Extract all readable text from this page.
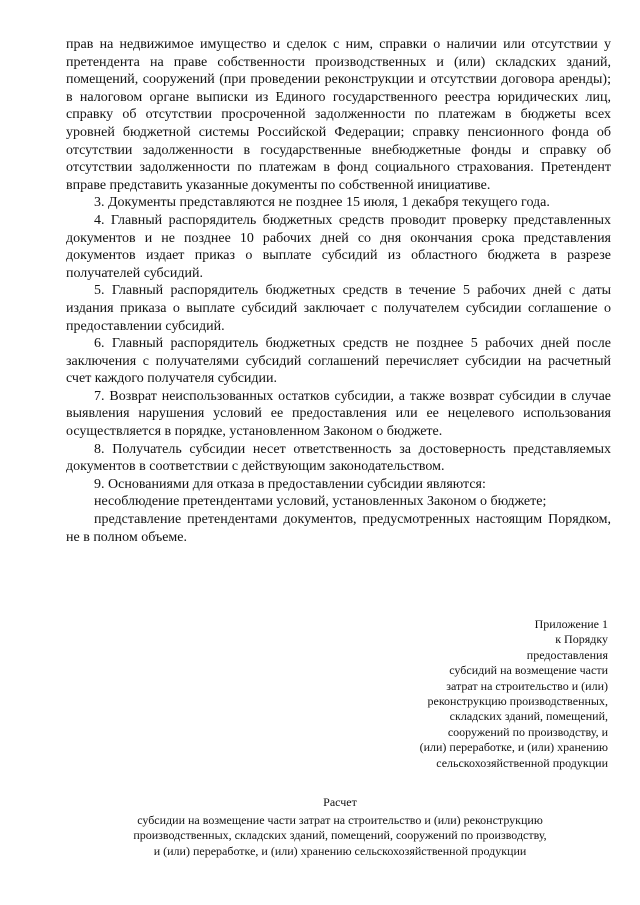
прав на недвижимое имущество и сделок с ним, справки о наличии или отсутствии у претендента на праве собственности производственных и (или) складских зданий, помещений, сооружений (при проведении реконструкции и отсутствии договора аренды); в налоговом органе выписки из Единого государственного реестра юридических лиц, справку об отсутствии просроченной задолженности по платежам в бюджеты всех уровней бюджетной системы Российской Федерации; справку пенсионного фонда об отсутствии задолженности в государственные внебюджетные фонды и справку об отсутствии задолженности по платежам в фонд социального страхования. Претендент вправе представить указанные документы по собственной инициативе.

3. Документы представляются не позднее 15 июля, 1 декабря текущего года.

4. Главный распорядитель бюджетных средств проводит проверку представленных документов и не позднее 10 рабочих дней со дня окончания срока представления документов издает приказ о выплате субсидий из областного бюджета в разрезе получателей субсидий.

5. Главный распорядитель бюджетных средств в течение 5 рабочих дней с даты издания приказа о выплате субсидий заключает с получателем субсидии соглашение о предоставлении субсидий.

6. Главный распорядитель бюджетных средств не позднее 5 рабочих дней после заключения с получателями субсидий соглашений перечисляет субсидии на расчетный счет каждого получателя субсидии.

7. Возврат неиспользованных остатков субсидии, а также возврат субсидии в случае выявления нарушения условий ее предоставления или ее нецелевого использования осуществляется в порядке, установленном Законом о бюджете.

8. Получатель субсидии несет ответственность за достоверность представляемых документов в соответствии с действующим законодательством.

9. Основаниями для отказа в предоставлении субсидии являются:

несоблюдение претендентами условий, установленных Законом о бюджете;

представление претендентами документов, предусмотренных настоящим Порядком, не в полном объеме.

Приложение 1
к Порядку
предоставления
субсидий на возмещение части
затрат на строительство и (или)
реконструкцию производственных,
складских зданий, помещений,
сооружений по производству, и
(или) переработке, и (или) хранению
сельскохозяйственной продукции
Расчет
субсидии на возмещение части затрат на строительство и (или) реконструкцию
производственных, складских зданий, помещений, сооружений по производству,
и (или) переработке, и (или) хранению сельскохозяйственной продукции
